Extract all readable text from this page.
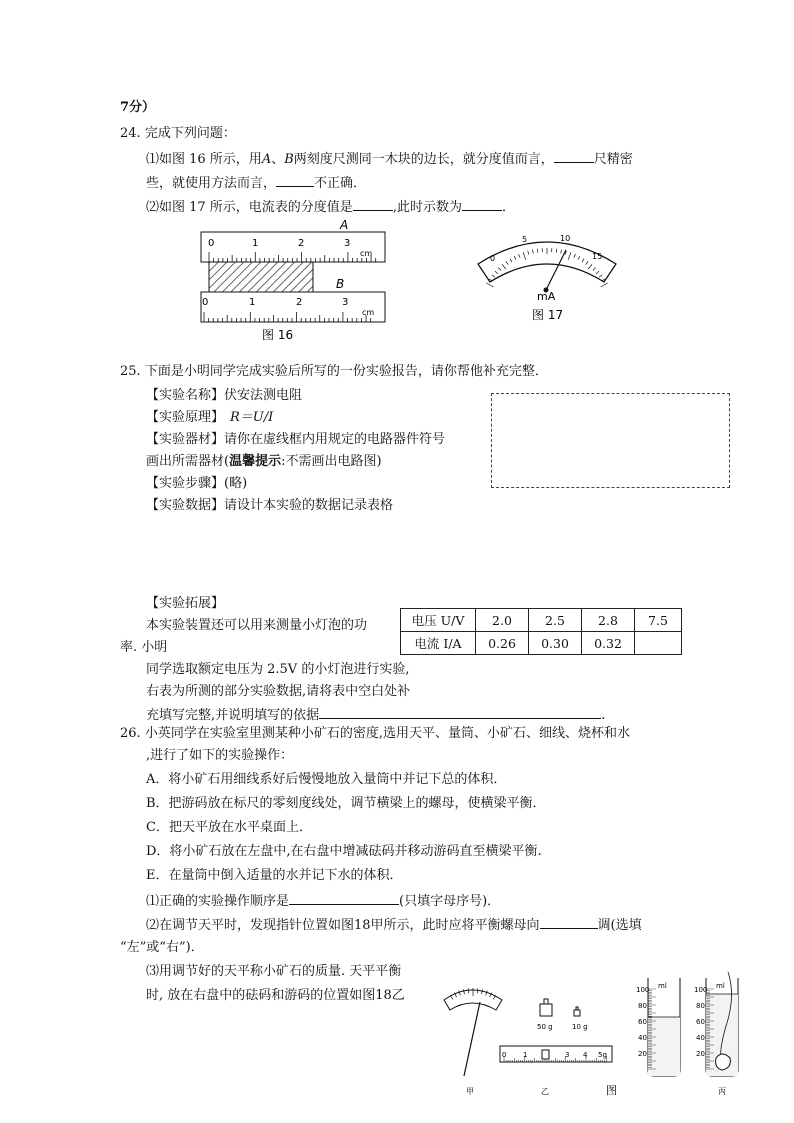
7分）
24. 完成下列问题：
⑴如图 16 所示，用A、B两刻度尺测同一木块的边长，就分度值而言，	尺精密
些，就使用方法而言，	不正确．
⑵如图 17 所示，电流表的分度值是	,此时示数为	．
A
0	1	2	3
cm
B
0	1	2	3
cm
图 16
0
5	10
15
mA
图 17
25. 下面是小明同学完成实验后所写的一份实验报告，请你帮他补充完整．
【实验名称】伏安法测电阻
【实验原理】 R＝U/I
【实验器材】请你在虚线框内用规定的电路器件符号
画出所需器材(温馨提示:不需画出电路图)
【实验步骤】(略)
【实验数据】请设计本实验的数据记录表格
【实验拓展】
本实验装置还可以用来测量小灯泡的功
率. 小明
同学选取额定电压为 2.5V 的小灯泡进行实验,
右表为所测的部分实验数据,请将表中空白处补
充填写完整,并说明填写的依据	.
电压 U/V	2.0	2.5	2.8	7.5
电流 I/A	0.26	0.30	0.32	
26. 小英同学在实验室里测某种小矿石的密度,选用天平、量筒、小矿石、细线、烧杯和水
,进行了如下的实验操作：
A．将小矿石用细线系好后慢慢地放入量筒中并记下总的体积．
B．把游码放在标尺的零刻度线处，调节横梁上的螺母，使横梁平衡．
C．把天平放在水平桌面上．
D．将小矿石放在左盘中,在右盘中增减砝码并移动游码直至横梁平衡.
E．在量筒中倒入适量的水并记下水的体积．
⑴正确的实验操作顺序是	(只填字母序号)．
⑵在调节天平时，发现指针位置如图18甲所示，此时应将平衡螺母向	调(选填
“左”或“右”)．
⑶用调节好的天平称小矿石的质量. 天平平衡
时, 放在右盘中的砝码和游码的位置如图18乙
甲
50 g	10 g
0 1	3 4 5g
乙	图
ml
100
80
60
40
20
ml
100
80
60
40
20
丙
